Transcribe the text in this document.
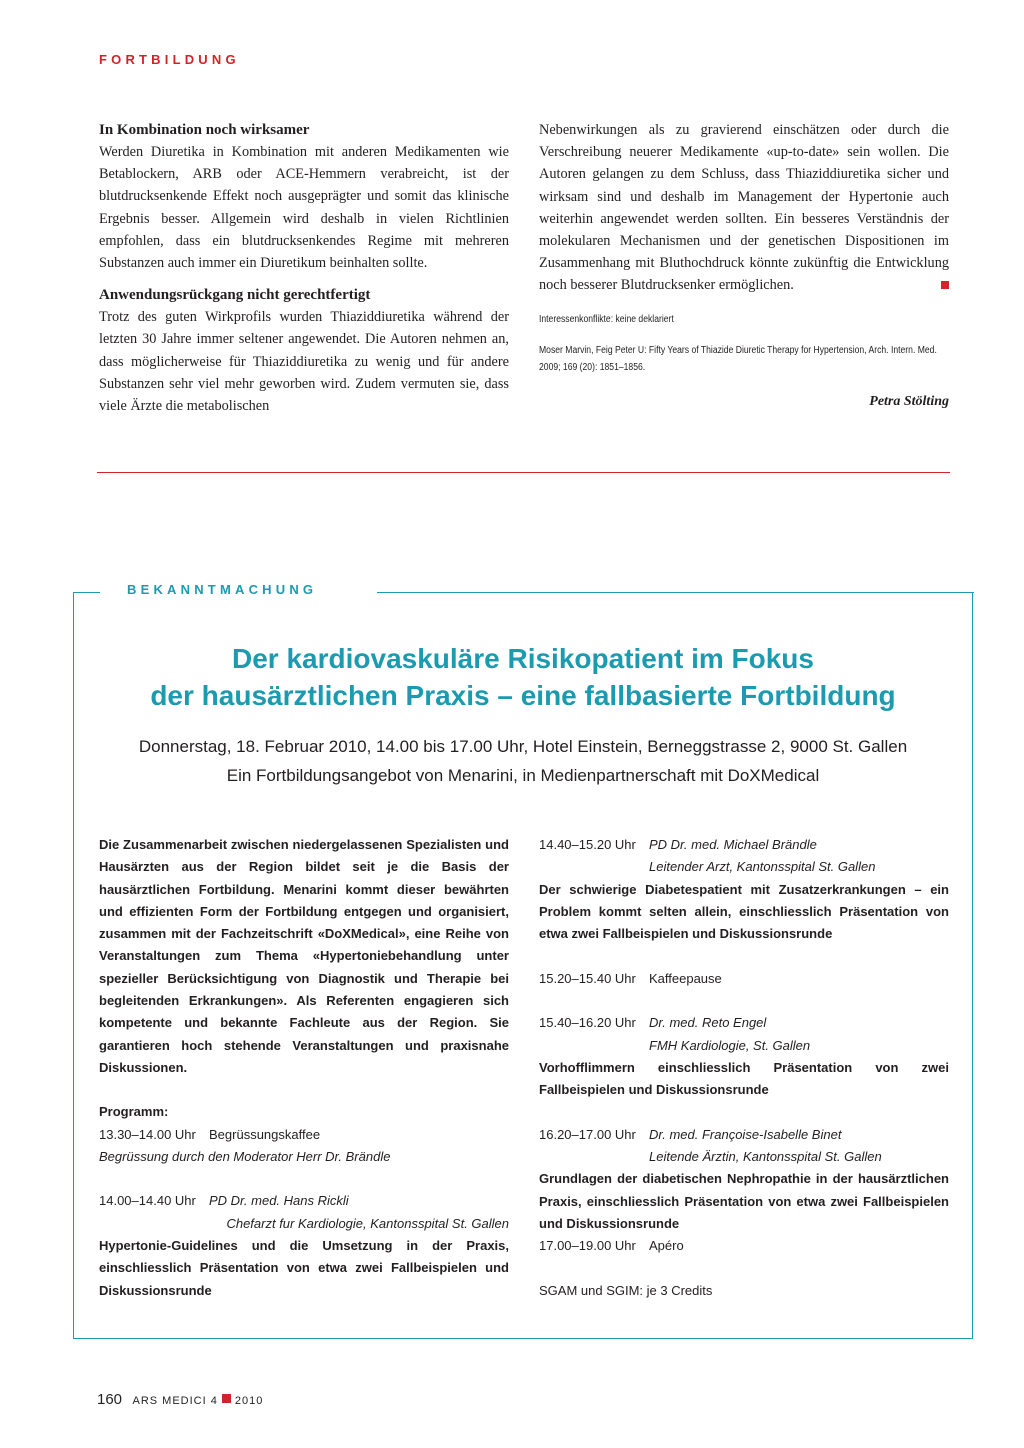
FORTBILDUNG

In Kombination noch wirksamer

Werden Diuretika in Kombination mit anderen Medikamenten wie Betablockern, ARB oder ACE-Hemmern verabreicht, ist der blutdrucksenkende Effekt noch ausgeprägter und somit das klinische Ergebnis besser. Allgemein wird deshalb in vielen Richtlinien empfohlen, dass ein blutdrucksenkendes Regime mit mehreren Substanzen auch immer ein Diuretikum beinhalten sollte.

Anwendungsrückgang nicht gerechtfertigt

Trotz des guten Wirkprofils wurden Thiaziddiuretika während der letzten 30 Jahre immer seltener angewendet. Die Autoren nehmen an, dass möglicherweise für Thiaziddiuretika zu wenig und für andere Substanzen sehr viel mehr geworben wird. Zudem vermuten sie, dass viele Ärzte die metabolischen

Nebenwirkungen als zu gravierend einschätzen oder durch die Verschreibung neuerer Medikamente «up-to-date» sein wollen. Die Autoren gelangen zu dem Schluss, dass Thiaziddiuretika sicher und wirksam sind und deshalb im Management der Hypertonie auch weiterhin angewendet werden sollten. Ein besseres Verständnis der molekularen Mechanismen und der genetischen Dispositionen im Zusammenhang mit Bluthochdruck könnte zukünftig die Entwicklung noch besserer Blutdrucksenker ermöglichen.

Interessenkonflikte: keine deklariert

Moser Marvin, Feig Peter U: Fifty Years of Thiazide Diuretic Therapy for Hypertension, Arch. Intern. Med. 2009; 169 (20): 1851–1856.

Petra Stölting

BEKANNTMACHUNG

Der kardiovaskuläre Risikopatient im Fokus
der hausärztlichen Praxis – eine fallbasierte Fortbildung

Donnerstag, 18. Februar 2010, 14.00 bis 17.00 Uhr, Hotel Einstein, Berneggstrasse 2, 9000 St. Gallen

Ein Fortbildungsangebot von Menarini, in Medienpartnerschaft mit DoXMedical

Die Zusammenarbeit zwischen niedergelassenen Spezialisten und Hausärzten aus der Region bildet seit je die Basis der hausärztlichen Fortbildung. Menarini kommt dieser bewährten und effizienten Form der Fortbildung entgegen und organisiert, zusammen mit der Fachzeitschrift «DoXMedical», eine Reihe von Veranstaltungen zum Thema «Hypertoniebehandlung unter spezieller Berücksichtigung von Diagnostik und Therapie bei begleitenden Erkrankungen». Als Referenten engagieren sich kompetente und bekannte Fachleute aus der Region. Sie garantieren hoch stehende Veranstaltungen und praxisnahe Diskussionen.

Programm:

13.30–14.00 Uhr Begrüssungskaffee

Begrüssung durch den Moderator Herr Dr. Brändle

14.00–14.40 Uhr PD Dr. med. Hans Rickli

Chefarzt fur Kardiologie, Kantonsspital St. Gallen

Hypertonie-Guidelines und die Umsetzung in der Praxis, einschliesslich Präsentation von etwa zwei Fallbeispielen und Diskussionsrunde

14.40–15.20 Uhr PD Dr. med. Michael Brändle

Leitender Arzt, Kantonsspital St. Gallen

Der schwierige Diabetespatient mit Zusatzerkrankungen – ein Problem kommt selten allein, einschliesslich Präsentation von etwa zwei Fallbeispielen und Diskussionsrunde

15.20–15.40 Uhr Kaffeepause

15.40–16.20 Uhr Dr. med. Reto Engel

FMH Kardiologie, St. Gallen

Vorhofflimmern einschliesslich Präsentation von zwei Fallbeispielen und Diskussionsrunde

16.20–17.00 Uhr Dr. med. Françoise-Isabelle Binet

Leitende Ärztin, Kantonsspital St. Gallen

Grundlagen der diabetischen Nephropathie in der hausärztlichen Praxis, einschliesslich Präsentation von etwa zwei Fallbeispielen und Diskussionsrunde

17.00–19.00 Uhr Apéro

SGAM und SGIM: je 3 Credits

160 ARS MEDICI 4 2010
